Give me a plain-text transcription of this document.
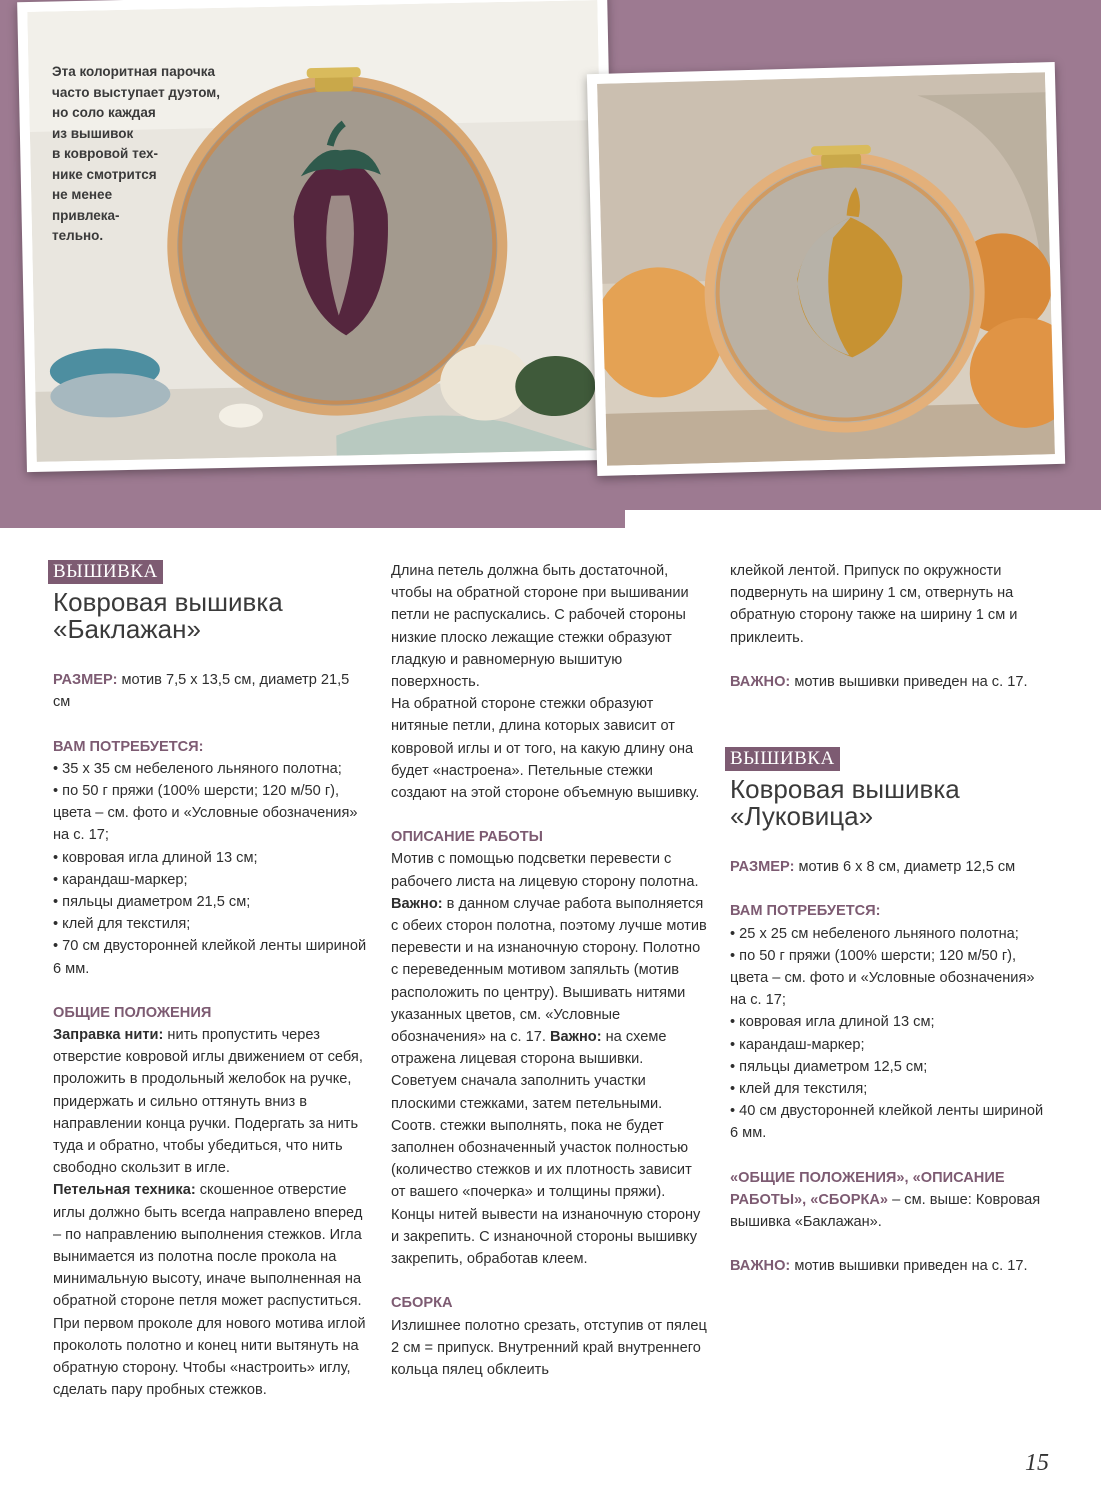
Эта колоритная парочка
часто выступает дуэтом,
но соло каждая
из вышивок
в ковровой тех-
нике смотрится
не менее
привлека-
тельно.
ВЫШИВКА
Ковровая вышивка
«Баклажан»

РАЗМЕР: мотив 7,5 х 13,5 см, диаметр 21,5 см

ВАМ ПОТРЕБУЕТСЯ:

• 35 х 35 см небеленого льняного полотна;

• по 50 г пряжи (100% шерсти; 120 м/50 г), цвета – см. фото и «Условные обозначения» на с. 17;

• ковровая игла длиной 13 см;

• карандаш-маркер;

• пяльцы диаметром 21,5 см;

• клей для текстиля;

• 70 см двусторонней клейкой ленты шириной 6 мм.

ОБЩИЕ ПОЛОЖЕНИЯ

Заправка нити: нить пропустить через отверстие ковровой иглы движением от себя, проложить в продольный желобок на ручке, придержать и сильно оттянуть вниз в направлении конца ручки. Подергать за нить туда и обратно, чтобы убедиться, что нить свободно скользит в игле.

Петельная техника: скошенное отверстие иглы должно быть всегда направлено вперед – по направлению выполнения стежков. Игла вынимается из полотна после прокола на минимальную высоту, иначе выполненная на обратной стороне петля может распуститься. При первом проколе для нового мотива иглой проколоть полотно и конец нити вытянуть на обратную сторону. Чтобы «настроить» иглу, сделать пару пробных стежков.

Длина петель должна быть достаточной, чтобы на обратной стороне при вышивании петли не распускались. С рабочей стороны низкие плоско лежащие стежки образуют гладкую и равномерную вышитую поверхность.

На обратной стороне стежки образуют нитяные петли, длина которых зависит от ковровой иглы и от того, на какую длину она будет «настроена». Петельные стежки создают на этой стороне объемную вышивку.

ОПИСАНИЕ РАБОТЫ

Мотив с помощью подсветки перевести с рабочего листа на лицевую сторону полотна. Важно: в данном случае работа выполняется с обеих сторон полотна, поэтому лучше мотив перевести и на изнаночную сторону. Полотно с переведенным мотивом запяльть (мотив расположить по центру). Вышивать нитями указанных цветов, см. «Условные обозначения» на с. 17. Важно: на схеме отражена лицевая сторона вышивки. Советуем сначала заполнить участки плоскими стежками, затем петельными. Соотв. стежки выполнять, пока не будет заполнен обозначенный участок полностью (количество стежков и их плотность зависит от вашего «почерка» и толщины пряжи). Концы нитей вывести на изнаночную сторону и закрепить. С изнаночной стороны вышивку закрепить, обработав клеем.

СБОРКА

Излишнее полотно срезать, отступив от пялец 2 см = припуск. Внутренний край внутреннего кольца пялец обклеить

клейкой лентой. Припуск по окружности подвернуть на ширину 1 см, отвернуть на обратную сторону также на ширину 1 см и приклеить.

ВАЖНО: мотив вышивки приведен на с. 17.

ВЫШИВКА
Ковровая вышивка
«Луковица»

РАЗМЕР: мотив 6 х 8 см, диаметр 12,5 см

ВАМ ПОТРЕБУЕТСЯ:

• 25 х 25 см небеленого льняного полотна;

• по 50 г пряжи (100% шерсти; 120 м/50 г), цвета – см. фото и «Условные обозначения» на с. 17;

• ковровая игла длиной 13 см;

• карандаш-маркер;

• пяльцы диаметром 12,5 см;

• клей для текстиля;

• 40 см двусторонней клейкой ленты шириной 6 мм.

«ОБЩИЕ ПОЛОЖЕНИЯ», «ОПИСАНИЕ РАБОТЫ», «СБОРКА» – см. выше: Ковровая вышивка «Баклажан».

ВАЖНО: мотив вышивки приведен на с. 17.

15
